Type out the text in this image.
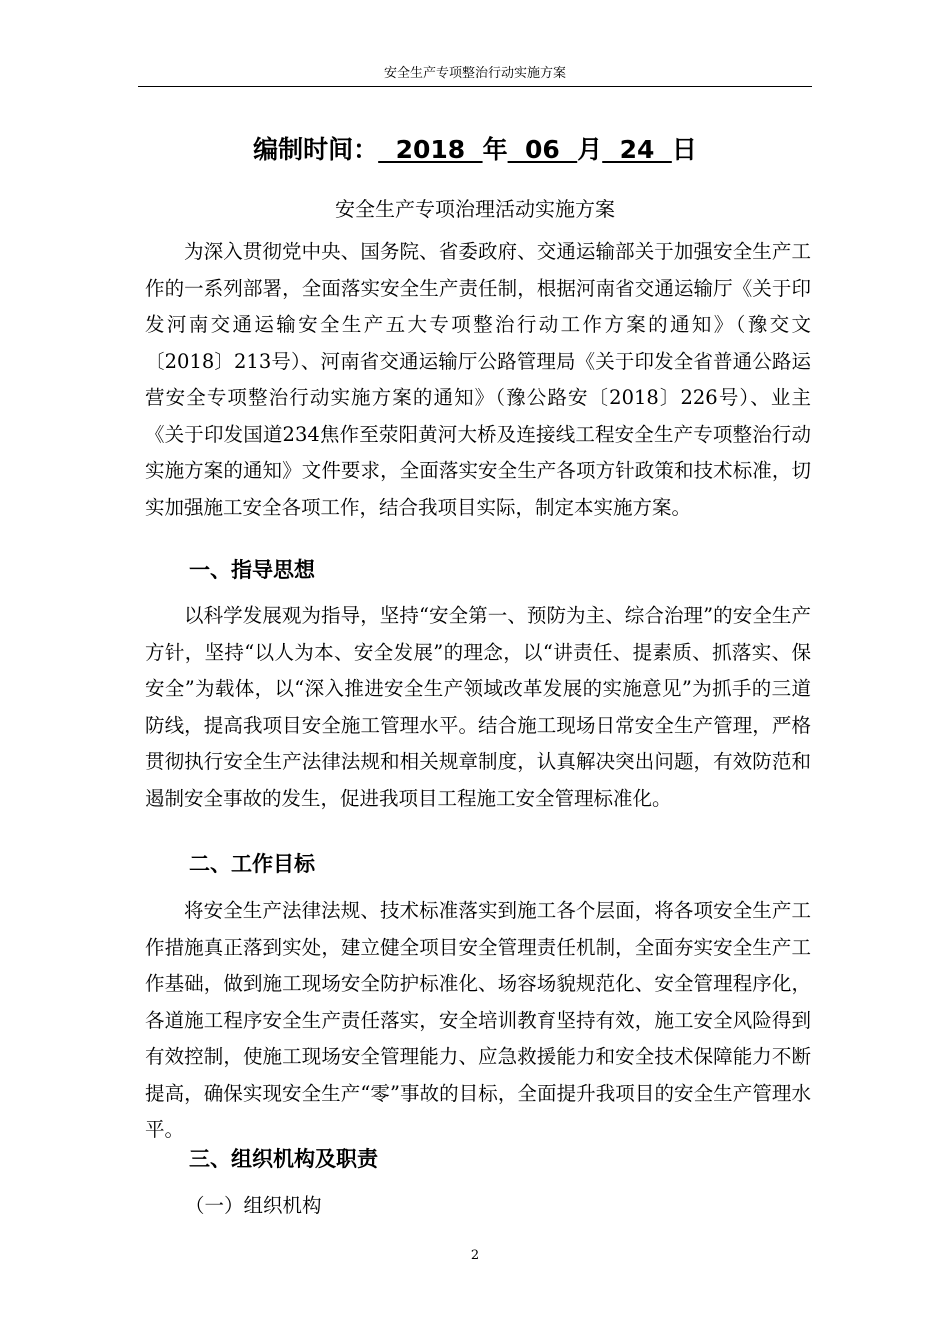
安全生产专项整治行动实施方案
编制时间：  2018  年  06  月  24  日
安全生产专项治理活动实施方案

为深入贯彻党中央、国务院、省委政府、交通运输部关于加强安全生产工作的一系列部署，全面落实安全生产责任制，根据河南省交通运输厅《关于印发河南交通运输安全生产五大专项整治行动工作方案的通知》（豫交文〔2018〕213号）、河南省交通运输厅公路管理局《关于印发全省普通公路运营安全专项整治行动实施方案的通知》（豫公路安〔2018〕226号）、业主《关于印发国道234焦作至荥阳黄河大桥及连接线工程安全生产专项整治行动实施方案的通知》文件要求，全面落实安全生产各项方针政策和技术标准，切实加强施工安全各项工作，结合我项目实际，制定本实施方案。

一、指导思想

以科学发展观为指导，坚持“安全第一、预防为主、综合治理”的安全生产方针，坚持“以人为本、安全发展”的理念，以“讲责任、提素质、抓落实、保安全”为载体，以“深入推进安全生产领域改革发展的实施意见”为抓手的三道防线，提高我项目安全施工管理水平。结合施工现场日常安全生产管理，严格贯彻执行安全生产法律法规和相关规章制度，认真解决突出问题，有效防范和遏制安全事故的发生，促进我项目工程施工安全管理标准化。

二、工作目标

将安全生产法律法规、技术标准落实到施工各个层面，将各项安全生产工作措施真正落到实处，建立健全项目安全管理责任机制，全面夯实安全生产工作基础，做到施工现场安全防护标准化、场容场貌规范化、安全管理程序化，各道施工程序安全生产责任落实，安全培训教育坚持有效，施工安全风险得到有效控制，使施工现场安全管理能力、应急救援能力和安全技术保障能力不断提高，确保实现安全生产“零”事故的目标，全面提升我项目的安全生产管理水平。

三、组织机构及职责
（一）组织机构
2
